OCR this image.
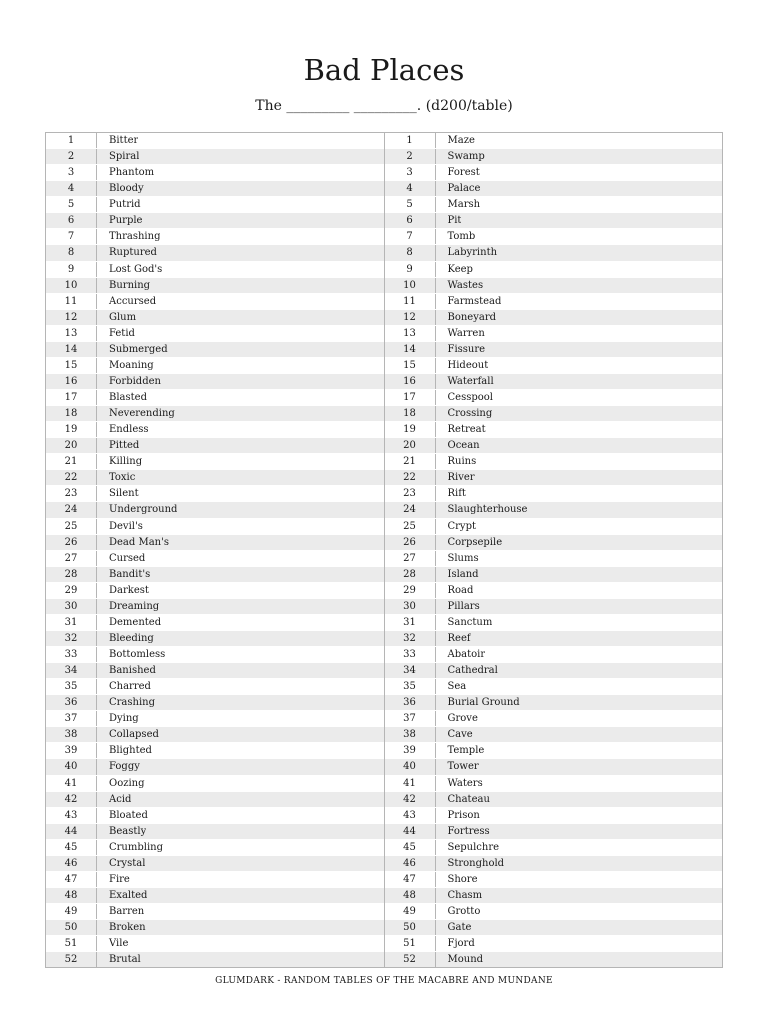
Bad Places
The _________ _________. (d200/table)
1	Bitter
2	Spiral
3	Phantom
4	Bloody
5	Putrid
6	Purple
7	Thrashing
8	Ruptured
9	Lost God's
10	Burning
11	Accursed
12	Glum
13	Fetid
14	Submerged
15	Moaning
16	Forbidden
17	Blasted
18	Neverending
19	Endless
20	Pitted
21	Killing
22	Toxic
23	Silent
24	Underground
25	Devil's
26	Dead Man's
27	Cursed
28	Bandit's
29	Darkest
30	Dreaming
31	Demented
32	Bleeding
33	Bottomless
34	Banished
35	Charred
36	Crashing
37	Dying
38	Collapsed
39	Blighted
40	Foggy
41	Oozing
42	Acid
43	Bloated
44	Beastly
45	Crumbling
46	Crystal
47	Fire
48	Exalted
49	Barren
50	Broken
51	Vile
52	Brutal
1	Maze
2	Swamp
3	Forest
4	Palace
5	Marsh
6	Pit
7	Tomb
8	Labyrinth
9	Keep
10	Wastes
11	Farmstead
12	Boneyard
13	Warren
14	Fissure
15	Hideout
16	Waterfall
17	Cesspool
18	Crossing
19	Retreat
20	Ocean
21	Ruins
22	River
23	Rift
24	Slaughterhouse
25	Crypt
26	Corpsepile
27	Slums
28	Island
29	Road
30	Pillars
31	Sanctum
32	Reef
33	Abatoir
34	Cathedral
35	Sea
36	Burial Ground
37	Grove
38	Cave
39	Temple
40	Tower
41	Waters
42	Chateau
43	Prison
44	Fortress
45	Sepulchre
46	Stronghold
47	Shore
48	Chasm
49	Grotto
50	Gate
51	Fjord
52	Mound
GLUMDARK - RANDOM TABLES OF THE MACABRE AND MUNDANE
